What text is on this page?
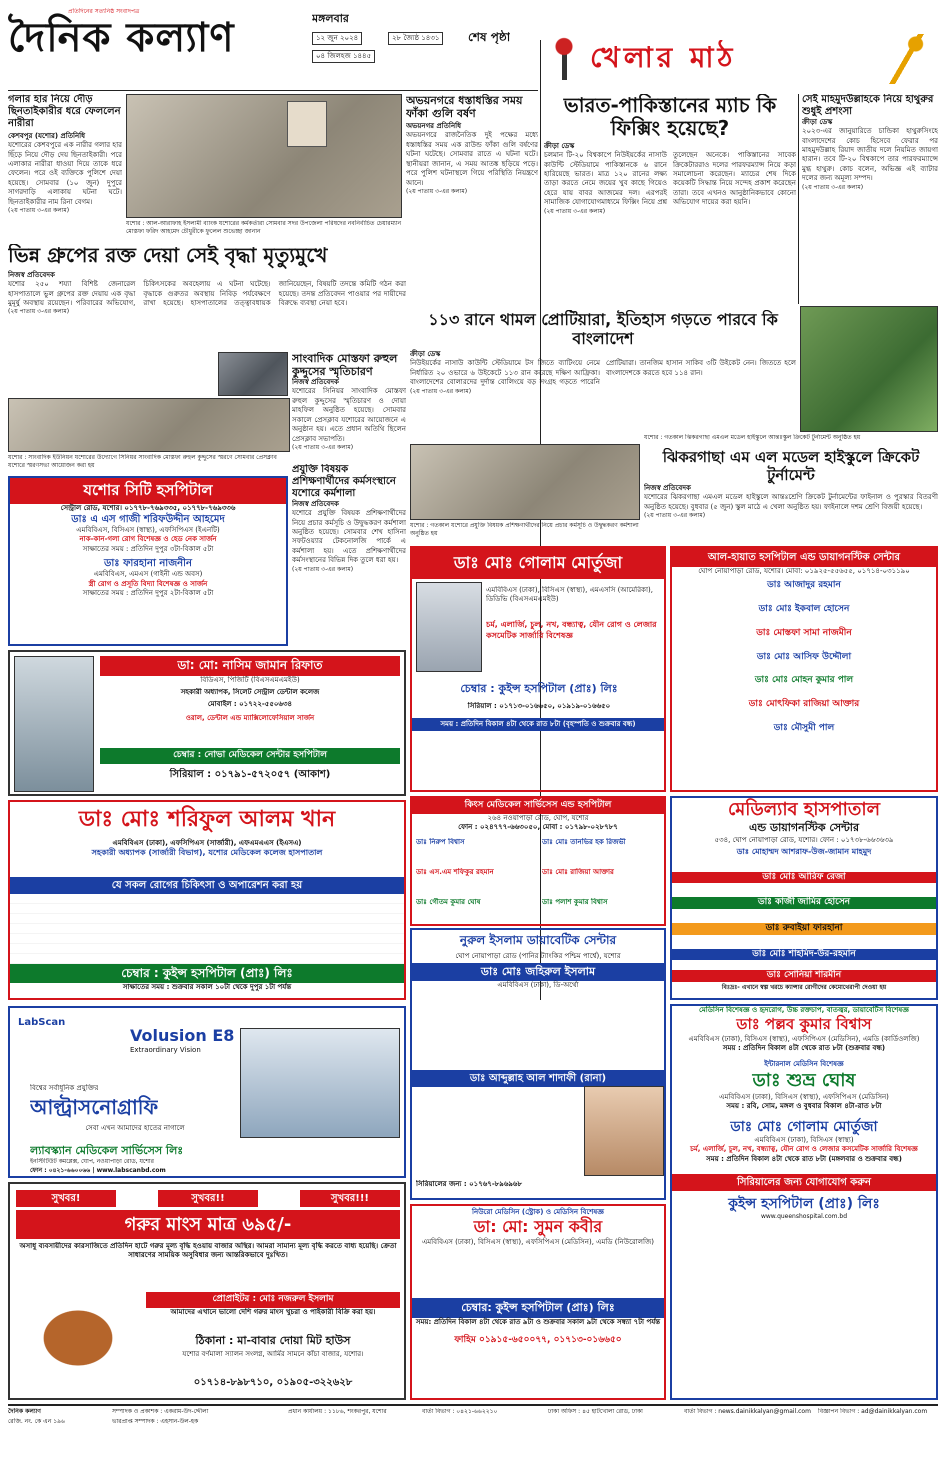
প্রতিদিনের সত্যনিষ্ঠ সংবাদপত্র
দৈনিক কল্যাণ	মঙ্গলবার
শেষ পৃষ্ঠা
১২ জুন ২০২৪	২৮ জ্যৈষ্ঠ ১৪৩১
০৪ জিলহজ ১৪৪৫	খেলার মাঠ
গলার হার নিয়ে দৌড় ছিনতাইকারীর ধরে ফেললেন নারীরা
কেশবপুর (যশোর) প্রতিনিধি
যশোরের কেশবপুরে এক নারীর গলার হার ছিঁড়ে নিয়ে দৌড় দেয় ছিনতাইকারী। পরে এলাকার নারীরা ধাওয়া দিয়ে তাকে ধরে ফেলেন। পরে ওই ব্যক্তিকে পুলিশে দেয়া হয়েছে। সোমবার (১০ জুন) দুপুরে সাগরদাড়ি এলাকায় ঘটনা ঘটে। ছিনতাইকারীর নাম রিনা বেগম।
(২য় পাতায় ৩-এর কলাম)
যশোর : আল-আরাফাহ ইসলামী ব্যাংক যশোরের কর্মকর্তারা সোমবার সদর উপজেলা পরিষদের নবনির্বাচিত চেয়ারম্যান মোস্তফা ফরিদ আহমেদ চৌধুরীকে ফুলেল শুভেচ্ছা জানান
অভয়নগরে ধস্তাধস্তির সময় ফাঁকা গুলি বর্ষণ
অভয়নগর প্রতিনিধি
অভয়নগরে রাজনৈতিক দুই পক্ষের মধ্যে ধস্তাধস্তির সময় এক রাউন্ড ফাঁকা গুলি বর্ষণের ঘটনা ঘটেছে। সোমবার রাতে এ ঘটনা ঘটে। স্থানীয়রা জানান, এ সময় আতঙ্ক ছড়িয়ে পড়ে। পরে পুলিশ ঘটনাস্থলে গিয়ে পরিস্থিতি নিয়ন্ত্রণে আনে।
(২য় পাতায় ৩-এর কলাম)
ভিন্ন গ্রুপের রক্ত দেয়া সেই বৃদ্ধা মৃত্যুমুখে
নিজস্ব প্রতিবেদক
যশোর ২৫০ শয্যা বিশিষ্ট জেনারেল হাসপাতালে ভুল গ্রুপের রক্ত দেয়ায় এক বৃদ্ধা মুমূর্ষু অবস্থায় রয়েছেন। পরিবারের অভিযোগ, চিকিৎসকের অবহেলায় এ ঘটনা ঘটেছে। বৃদ্ধাকে গুরুতর অবস্থায় নিবিড় পর্যবেক্ষণে রাখা হয়েছে। হাসপাতালের তত্ত্বাবধায়ক জানিয়েছেন, বিষয়টি তদন্তে কমিটি গঠন করা হয়েছে। তদন্ত প্রতিবেদন পাওয়ার পর দায়ীদের বিরুদ্ধে ব্যবস্থা নেয়া হবে।
(২য় পাতায় ৩-এর কলাম)
সাংবাদিক মোস্তফা রুহুল কুদ্দুসের স্মৃতিচারণ
নিজস্ব প্রতিবেদক
যশোরের সিনিয়র সাংবাদিক মোস্তফা রুহুল কুদ্দুসের স্মৃতিচারণ ও দোয়া মাহফিল অনুষ্ঠিত হয়েছে। সোমবার সকালে প্রেসক্লাব যশোরের আয়োজনে এ অনুষ্ঠান হয়। এতে প্রধান অতিথি ছিলেন প্রেসক্লাব সভাপতি।
(২য় পাতায় ৩-এর কলাম)
যশোর : সাংবাদিক ইউনিয়ন যশোরের উদ্যোগে সিনিয়র সাংবাদিক মোস্তফা রুহুল কুদ্দুসের স্মরণে সোমবার প্রেসক্লাব যশোরে স্মরণসভা আয়োজন করা হয়	প্রযুক্তি বিষয়ক প্রশিক্ষণার্থীদের কর্মসংস্থানে যশোরে কর্মশালা
নিজস্ব প্রতিবেদক
যশোরে প্রযুক্তি বিষয়ক প্রশিক্ষণার্থীদের নিয়ে প্রচার কর্মসূচি ও উদ্বুদ্ধকরণ কর্মশালা অনুষ্ঠিত হয়েছে। সোমবার শেখ হাসিনা সফটওয়্যার টেকনোলজি পার্কে এ কর্মশালা হয়। এতে প্রশিক্ষণার্থীদের কর্মসংস্থানের বিভিন্ন দিক তুলে ধরা হয়।
(২য় পাতায় ৩-এর কলাম)
ভারত-পাকিস্তানের ম্যাচ কি ফিক্সিং হয়েছে?
ক্রীড়া ডেস্ক
চলমান টি-২০ বিশ্বকাপে নিউইয়র্কের নাসাউ কাউন্টি স্টেডিয়ামে পাকিস্তানকে ৬ রানে হারিয়েছে ভারত। মাত্র ১২০ রানের লক্ষ্য তাড়া করতে নেমে জয়ের খুব কাছে গিয়েও হেরে যায় বাবর আজমের দল। এরপরই সামাজিক যোগাযোগমাধ্যমে ফিক্সিং নিয়ে প্রশ্ন তুলেছেন অনেকে। পাকিস্তানের সাবেক ক্রিকেটাররাও দলের পারফরম্যান্স নিয়ে কড়া সমালোচনা করেছেন। ম্যাচের শেষ দিকে কয়েকটি সিদ্ধান্ত নিয়ে সন্দেহ প্রকাশ করেছেন তারা। তবে এখনও আনুষ্ঠানিকভাবে কোনো অভিযোগ দায়ের করা হয়নি।
(২য় পাতায় ৩-এর কলাম)
সেই মাহমুদউল্লাহকে নিয়ে হাথুরুর শুধুই প্রশংসা
ক্রীড়া ডেস্ক
২০২৩-এর জানুয়ারিতে চান্ডিকা হাথুরুসিংহে বাংলাদেশের কোচ হিসেবে ফেরার পর মাহমুদউল্লাহ রিয়াদ জাতীয় দলে নিয়মিত জায়গা হারান। তবে টি-২০ বিশ্বকাপে তার পারফরম্যান্সে মুগ্ধ হাথুরু। কোচ বলেন, অভিজ্ঞ এই ব্যাটার দলের জন্য অমূল্য সম্পদ।
(২য় পাতায় ৩-এর কলাম)
১১৩ রানে থামল প্রোটিয়ারা, ইতিহাস গড়তে পারবে কি বাংলাদেশ
ক্রীড়া ডেস্ক
নিউইয়র্কের নাসাউ কাউন্টি স্টেডিয়ামে টস জিতে ব্যাটিংয়ে নেমে নির্ধারিত ২০ ওভারে ৬ উইকেটে ১১৩ রান করেছে দক্ষিণ আফ্রিকা। বাংলাদেশের বোলারদের দুর্দান্ত বোলিংয়ে বড় সংগ্রহ গড়তে পারেনি প্রোটিয়ারা। তানজিম হাসান সাকিব ৩টি উইকেট নেন। জিততে হলে বাংলাদেশকে করতে হবে ১১৪ রান।
(২য় পাতায় ৩-এর কলাম)
যশোর : গতকাল যশোরে প্রযুক্তি বিষয়ক প্রশিক্ষণার্থীদের নিয়ে প্রচার কর্মসূচি ও উদ্বুদ্ধকরণ কর্মশালা অনুষ্ঠিত হয়
যশোর : গতকাল ঝিকরগাছা এমএল মডেল হাইস্কুলে আন্তঃস্কুল ক্রিকেট টুর্নামেন্ট অনুষ্ঠিত হয়
ঝিকরগাছা এম এল মডেল হাইস্কুলে ক্রিকেট টুর্নামেন্ট
নিজস্ব প্রতিবেদক
যশোরের ঝিকরগাছা এমএল মডেল হাইস্কুলে আন্তঃশ্রেণি ক্রিকেট টুর্নামেন্টের ফাইনাল ও পুরস্কার বিতরণী অনুষ্ঠিত হয়েছে। বুধবার (৫ জুন) স্কুল মাঠে এ খেলা অনুষ্ঠিত হয়। ফাইনালে দশম শ্রেণি বিজয়ী হয়েছে।
(২য় পাতায় ৩-এর কলাম)
যশোর সিটি হসপিটাল
সেন্ট্রাল রোড, যশোর। ০১৭৭৮-৭৬৯৩৩৫, ০১৭৭৮-৭৬৯৩৩৬
ডাঃ এ এস গাজী শরিফউদ্দীন আহমেদ
এমবিবিএস, বিসিএস (স্বাস্থ্য), এফসিপিএস (ইএনটি)
নাক-কান-গলা রোগ বিশেষজ্ঞ ও হেড নেক সার্জন
সাক্ষাতের সময় : প্রতিদিন দুপুর ৩টা-বিকাল ৫টা
ডাঃ ফারহানা নাজনীন
এমবিবিএস, এমএস (গাইনী এন্ড অবস)
স্ত্রী রোগ ও প্রসূতি বিদ্যা বিশেষজ্ঞ ও সার্জন
সাক্ষাতের সময় : প্রতিদিন দুপুর ২টা-বিকাল ৫টা
ডাঃ মোঃ গোলাম মোর্তুজা
এমবিবিএস (ঢাকা), বিসিএস (স্বাস্থ্য), এমএসসি (আমেরিকা), ডিডিভি (বিএসএমএমইউ)
চর্ম, এলার্জি, চুল, নখ, বন্ধ্যাত্ব, যৌন রোগ ও লেজার কসমেটিক সার্জারি বিশেষজ্ঞ
চেম্বার : কুইন্স হসপিটাল (প্রাঃ) লিঃ
সিরিয়াল : ০১৭১৩-০১৬৬৫০, ০১৯১৯-০১৬৬৫০
সময় : প্রতিদিন বিকাল ৪টা থেকে রাত ৮টা (বৃহস্পতি ও শুক্রবার বন্ধ)
আল-হায়াত হসপিটাল এন্ড ডায়াগনস্টিক সেন্টার
ঘোপ নোয়াপাড়া রোড, যশোর। মোবা: ০১৯২৫-৫৫৬৫৫, ০১৭১৪-০৩১১৯০
ডাঃ আজাদুর রহমান
ডাঃ মোঃ ইকবাল হোসেন
ডাঃ মোস্তফা সামা নাজমীন
ডাঃ মোঃ আসিফ উদ্দৌলা
ডাঃ মোঃ মোহন কুমার পাল
ডাঃ মোৎফিকা রাজিয়া আক্তার
ডাঃ মৌসুমী পাল
ডা: মো: নাসিম জামান রিফাত
বিডিএস, পিজিটি (বিএসএমএমইউ)
সহকারী অধ্যাপক, সিলেট সেন্ট্রাল ডেন্টাল কলেজ
মোবাইল : ০১৭২২-৫৫০৬৩৪
ওরাল, ডেন্টাল এন্ড ম্যাক্সিলোফেসিয়াল সার্জন
চেম্বার : নোভা মেডিকেল সেন্টার হসপিটাল
সিরিয়াল : ০১৭৯১-৫৭২০৫৭ (আকাশ)
কিংস মেডিকেল সার্ভিসেস এন্ড হসপিটাল
২৬৪ নওয়াপাড়া রোড, ঘোপ, যশোর
ফোন : ০২৪৭৭৭-৬৬৩০৫০, মোবা : ০১৭৯৮-০২৮৭৮৭
ডাঃ নিরুপ বিশ্বাস	ডাঃ মোঃ তানভির হক রিজভী
ডাঃ এস.এম শফিকুর রহমান	ডাঃ মোঃ রাজিয়া আক্তার
ডাঃ গৌতম কুমার ঘোষ	ডাঃ পলাশ কুমার বিশ্বাস
ডাঃ মোঃ শরিফুল আলম খান
এমবিবিএস (ঢাকা), এফসিপিএস (সার্জারী), এফএমএএস (ইএসএ)
সহকারী অধ্যাপক (সার্জারী বিভাগ), যশোর মেডিকেল কলেজ হাসপাতাল
যে সকল রোগের চিকিৎসা ও অপারেশন করা হয়
চেম্বার : কুইন্স হসপিটাল (প্রাঃ) লিঃ
সাক্ষাতের সময় : শুক্রবার সকাল ১০টা থেকে দুপুর ১টা পর্যন্ত
মেডিল্যাব হাসপাতাল
এন্ড ডায়াগনস্টিক সেন্টার
৫৩৪, ঘোপ নোয়াপাড়া রোড, যশোর। ফোন : ০১৭৩৮-৬৬৩৬৩৯
ডাঃ মোহাম্মদ আশরাফ-উজ-জামান মাহমুদ
ডাঃ মোঃ আরিফ রেজা
ডাঃ কাজী জামির হোসেন
ডাঃ রুবাইয়া ফারহানা
ডাঃ মোঃ শাহমিদ-উর-রহমান
ডাঃ সোনিয়া শারমীন
বিঃদ্রঃ- এখানে স্বল্প খরচে ক্যান্সার রোগীদের কেমোথেরাপী দেওয়া হয়
নুরুল ইসলাম ডায়াবেটিক সেন্টার
ঘোপ নোয়াপাড়া রোড (পানির ট্যাংকির পশ্চিম পার্শ্বে), যশোর
ডাঃ মোঃ জহিরুল ইসলাম
এমবিবিএস (ঢাকা), ডি-অর্থো
ডাঃ আব্দুল্লাহ আল শাদাফী (রানা)
সিরিয়ালের জন্য : ০১৭৬৭-৮৯৬৯৬৮
LabScan
Volusion E8
Extraordinary Vision
বিশ্বের সর্বাধুনিক প্রযুক্তির
আল্ট্রাসনোগ্রাফি
সেবা এখন আমাদের হাতের নাগালে
ল্যাবস্ক্যান মেডিকেল সার্ভিসেস লিঃ
ইনস্টিটিউট কমপ্লেক্স, ঘোপ, নওয়াপাড়া রোড, যশোর
ফোন : ০৪২১-৬৬০০৬৬ | www.labscanbd.com
মেডিসিন বিশেষজ্ঞ ও হৃদরোগ, উচ্চ রক্তচাপ, বাতজ্বর, ডায়াবেটিস বিশেষজ্ঞ
ডাঃ পল্লব কুমার বিশ্বাস
এমবিবিএস (ঢাকা), বিসিএস (স্বাস্থ্য), এফসিপিএস (মেডিসিন), এমডি (কার্ডিওলজি)
সময় : প্রতিদিন বিকাল ৪টা থেকে রাত ৮টা (শুক্রবার বন্ধ)
ইন্টারনাল মেডিসিন বিশেষজ্ঞ
ডাঃ শুভ্র ঘোষ
এমবিবিএস (ঢাকা), বিসিএস (স্বাস্থ্য), এফসিপিএস (মেডিসিন)
সময় : রবি, সোম, মঙ্গল ও বুধবার বিকাল ৪টা-রাত ৮টা
ডাঃ মোঃ গোলাম মোর্তুজা
এমবিবিএস (ঢাকা), বিসিএস (স্বাস্থ্য)
চর্ম, এলার্জি, চুল, নখ, বন্ধ্যাত্ব, যৌন রোগ ও লেজার কসমেটিক সার্জারি বিশেষজ্ঞ
সময় : প্রতিদিন বিকাল ৪টা থেকে রাত ৮টা (মঙ্গলবার ও শুক্রবার বন্ধ)
সিরিয়ালের জন্য যোগাযোগ করুন
কুইন্স হসপিটাল (প্রাঃ) লিঃ
www.queenshospital.com.bd
সুখবর!	সুখবর!!	সুখবর!!!
গরুর মাংস মাত্র ৬৯৫/-
অসাধু ব্যবসায়ীদের কারসাজিতে প্রতিদিন হাটে গরুর মূল্য বৃদ্ধি হওয়ায় বাজার অস্থির। আমরা সামান্য মূল্য বৃদ্ধি করতে বাধ্য হয়েছি। ক্রেতা সাধারণের সাময়িক অসুবিধার জন্য আন্তরিকভাবে দুঃখিত।
প্রোপ্রাইটর : মোঃ নজরুল ইসলাম
আমাদের এখানে ভালো দেশি গরুর মাংস খুচরা ও পাইকারী বিক্রি করা হয়।
ঠিকানা : মা-বাবার দোয়া মিট হাউস
যশোর বর্ণমালা স্যালন সংলগ্ন, আর্মির সামনে কাঁচা বাজার, যশোর।
০১৭১৪-৮৯৮৭১০, ০১৯০৫-৩২২৬২৮
নিউরো মেডিসিন (স্ট্রোক) ও মেডিসিন বিশেষজ্ঞ
ডা: মো: সুমন কবীর
এমবিবিএস (ঢাকা), বিসিএস (স্বাস্থ্য), এফসিপিএস (মেডিসিন), এমডি (নিউরোলজি)
চেম্বার: কুইন্স হসপিটাল (প্রাঃ) লিঃ
সময়: প্রতিদিন বিকাল ৪টা থেকে রাত ৯টা ও শুক্রবার সকাল ৯টা থেকে সন্ধ্যা ৭টা পর্যন্ত
ফাহিম ০১৯১৫-৬৫০০৭৭, ০১৭১৩-০১৬৬৫০
দৈনিক কল্যাণ
রেজি. নং. কে এন ১৯৬
সম্পাদক ও প্রকাশক : একরাম-উদ-দ্দৌলা
ভারপ্রাপ্ত সম্পাদক : এহসান-উল-হক
প্রধান কার্যালয় : ১১৮৬, শংকরপুর, যশোর	বার্তা বিভাগ : ০৪২১-৬৬২২১০	ঢাকা অফিস : ৪৫ হাটখোলা রোড, ঢাকা	বার্তা বিভাগ : news.dainikkalyan@gmail.com	বিজ্ঞাপন বিভাগ : ad@dainikkalyan.com
